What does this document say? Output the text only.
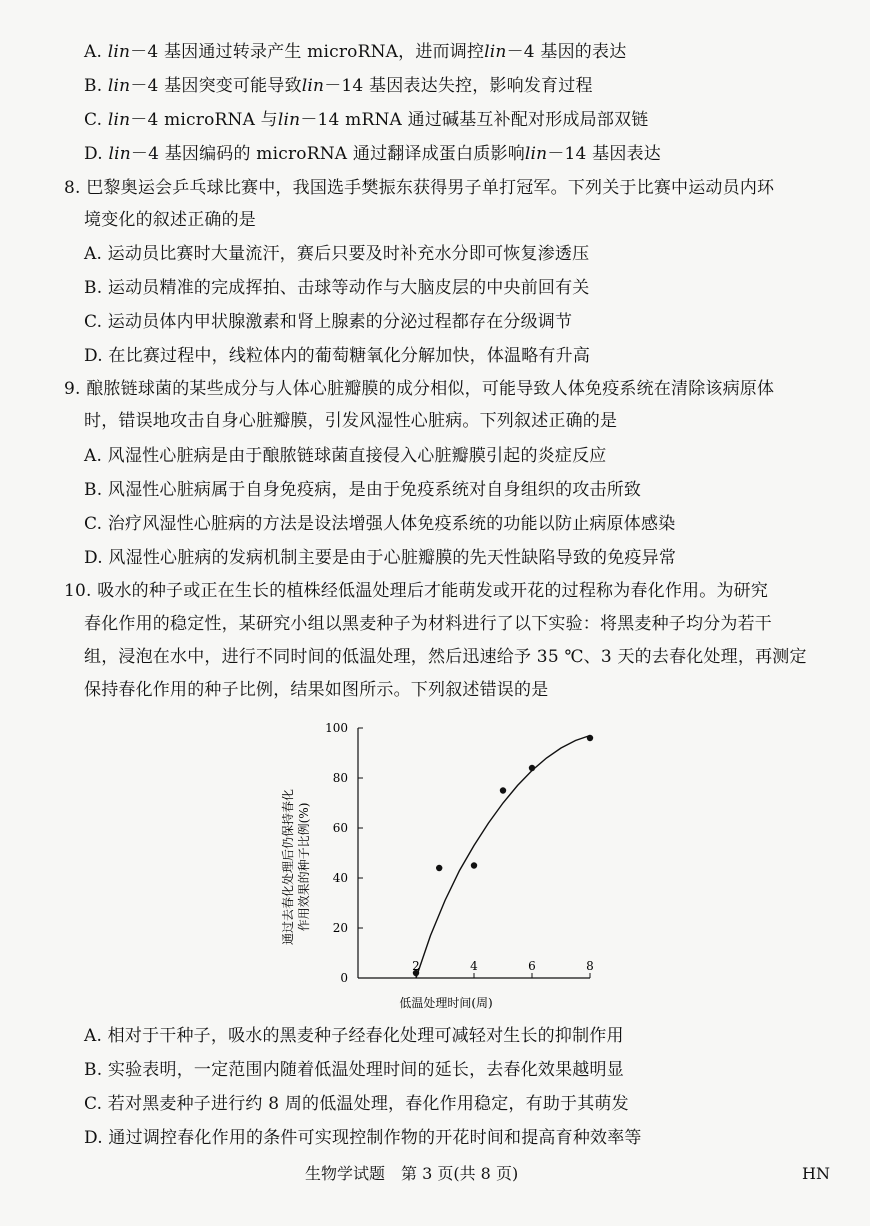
A. lin－4 基因通过转录产生 microRNA，进而调控lin－4 基因的表达
B. lin－4 基因突变可能导致lin－14 基因表达失控，影响发育过程
C. lin－4 microRNA 与lin－14 mRNA 通过碱基互补配对形成局部双链
D. lin－4 基因编码的 microRNA 通过翻译成蛋白质影响lin－14 基因表达
8. 巴黎奥运会乒乓球比赛中，我国选手樊振东获得男子单打冠军。下列关于比赛中运动员内环
境变化的叙述正确的是
A. 运动员比赛时大量流汗，赛后只要及时补充水分即可恢复渗透压
B. 运动员精准的完成挥拍、击球等动作与大脑皮层的中央前回有关
C. 运动员体内甲状腺激素和肾上腺素的分泌过程都存在分级调节
D. 在比赛过程中，线粒体内的葡萄糖氧化分解加快，体温略有升高
9. 酿脓链球菌的某些成分与人体心脏瓣膜的成分相似，可能导致人体免疫系统在清除该病原体
时，错误地攻击自身心脏瓣膜，引发风湿性心脏病。下列叙述正确的是
A. 风湿性心脏病是由于酿脓链球菌直接侵入心脏瓣膜引起的炎症反应
B. 风湿性心脏病属于自身免疫病，是由于免疫系统对自身组织的攻击所致
C. 治疗风湿性心脏病的方法是设法增强人体免疫系统的功能以防止病原体感染
D. 风湿性心脏病的发病机制主要是由于心脏瓣膜的先天性缺陷导致的免疫异常
10. 吸水的种子或正在生长的植株经低温处理后才能萌发或开花的过程称为春化作用。为研究
春化作用的稳定性，某研究小组以黑麦种子为材料进行了以下实验：将黑麦种子均分为若干
组，浸泡在水中，进行不同时间的低温处理，然后迅速给予 35 ℃、3 天的去春化处理，再测定
保持春化作用的种子比例，结果如图所示。下列叙述错误的是
0
20
40
60
80
100
2	4	6	8
通过去春化处理后仍保持春化 作用效果的种子比例(%)
低温处理时间(周)
A. 相对于干种子，吸水的黑麦种子经春化处理可减轻对生长的抑制作用
B. 实验表明，一定范围内随着低温处理时间的延长，去春化效果越明显
C. 若对黑麦种子进行约 8 周的低温处理，春化作用稳定，有助于其萌发
D. 通过调控春化作用的条件可实现控制作物的开花时间和提高育种效率等
生物学试题　第 3 页(共 8 页)	HN
